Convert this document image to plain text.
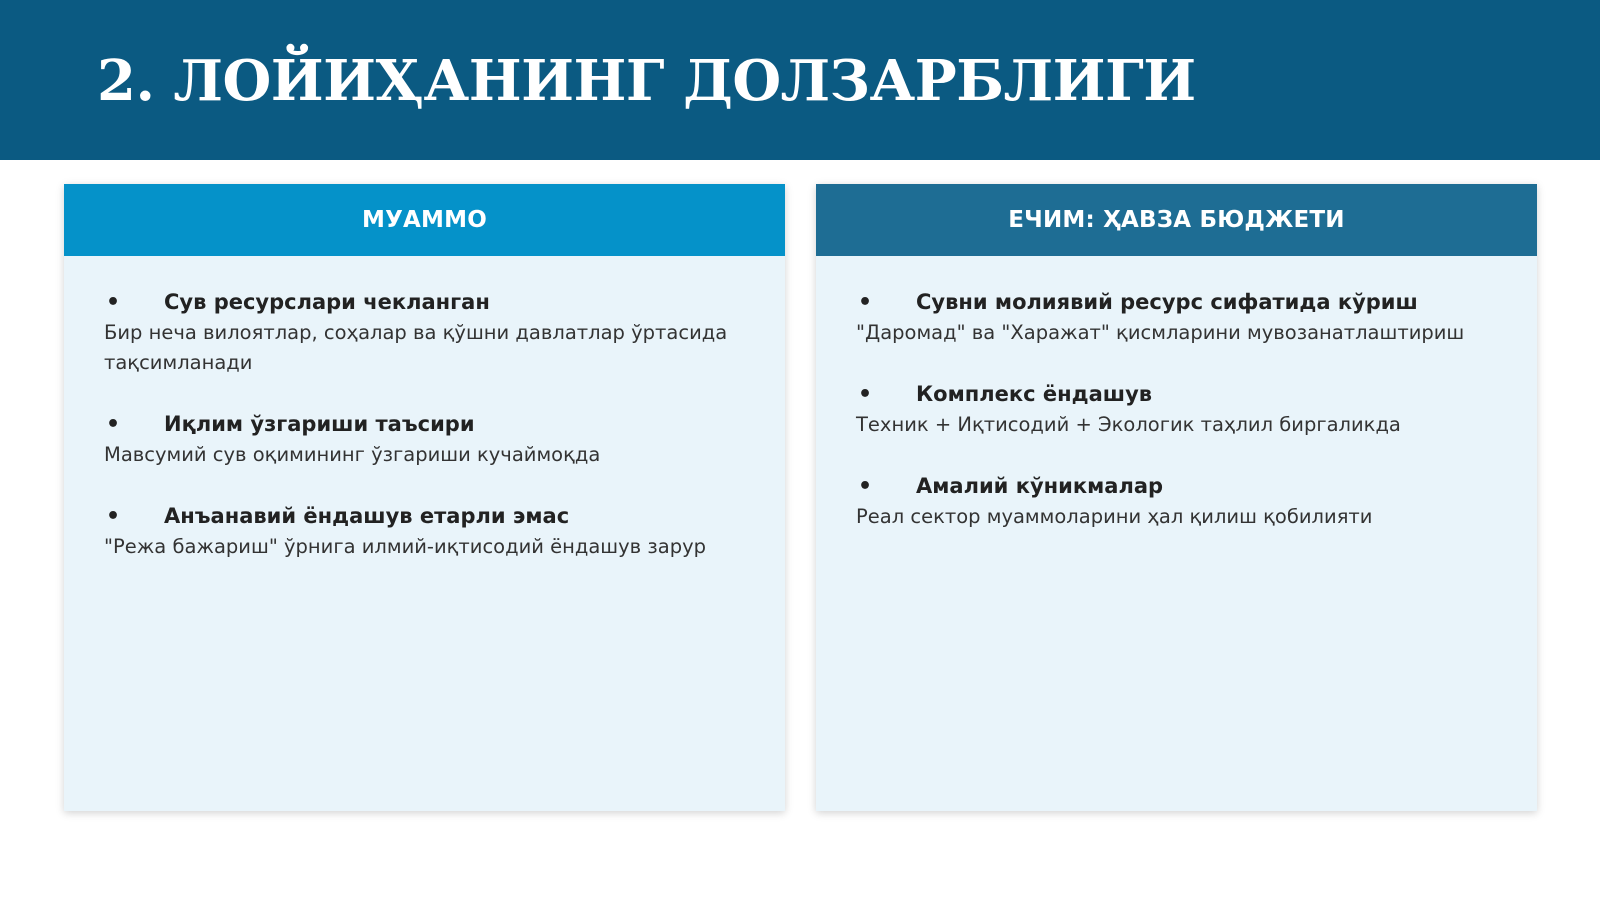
2. ЛОЙИҲАНИНГ ДОЛЗАРБЛИГИ
МУАММО
•	Сув ресурслари чекланган
Бир неча вилоятлар, соҳалар ва қўшни давлатлар ўртасида тақсимланади
•	Иқлим ўзгариши таъсири
Мавсумий сув оқимининг ўзгариши кучаймоқда
•	Анъанавий ёндашув етарли эмас
"Режа бажариш" ўрнига илмий-иқтисодий ёндашув зарур
ЕЧИМ: ҲАВЗА БЮДЖЕТИ
•	Сувни молиявий ресурс сифатида кўриш
"Даромад" ва "Харажат" қисмларини мувозанатлаштириш
•	Комплекс ёндашув
Техник + Иқтисодий + Экологик таҳлил биргаликда
•	Амалий кўникмалар
Реал сектор муаммоларини ҳал қилиш қобилияти
